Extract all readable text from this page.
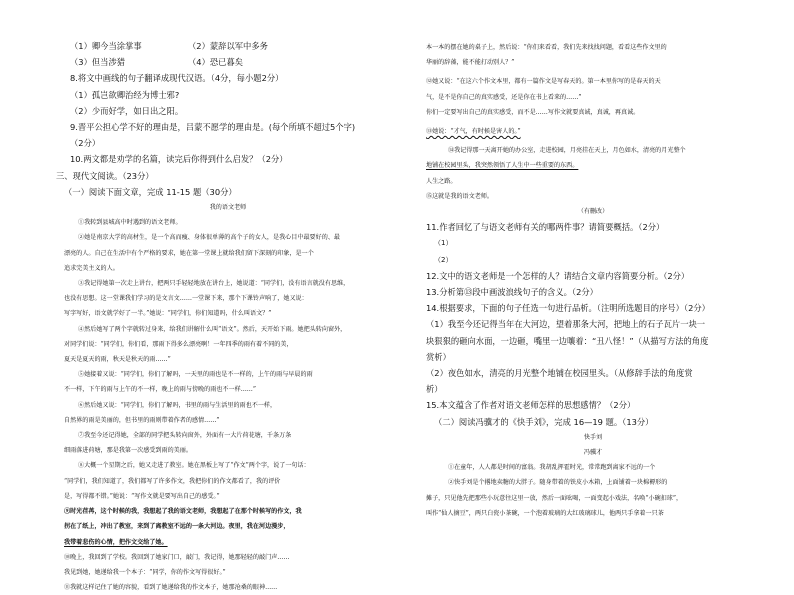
（1）卿今当涂掌事	（2）蒙辞以军中多务
（3）但当涉猎	（4）恐已暮矣
8.将文中画线的句子翻译成现代汉语。（4分，每小题2分）
（1）孤岂欲卿治经为博士邪?
（2）少而好学，如日出之阳。
9.晋平公担心学不好的理由是，吕蒙不愿学的理由是。(每个所填不超过5个字)
（2分）
10.两文都是劝学的名篇，读完后你得到什么启发？（2分）
三、现代文阅读。（23分）
（一）阅读下面文章，完成 11-15 题（30分）
我的语文老师
①我转到县城高中时遇到的语文老师。
②她是南京大学的高材生，是一个高而瘦、身体很单薄的高个子的女人，是我心目中最要好的、最
漂亮的人。自己在生活中有个严格的要求，她在第一堂课上就给我们留下深刻的印象，是一个
追求完美主义的人。
③我记得她第一次走上讲台，把两只手轻轻地放在讲台上，她说道：“同学们，没有语言就没有思维，
也没有思想。这一堂课我们学习的是文言文……一堂课下来，那个下课铃声响了，她又说：
写字写好，语文就学好了一半。”她说：“同学们，你们知道吗，什么叫语文？”
④然后她写了两个字就转过身来，给我们讲解什么叫“语文”。然后，天开始下雨。她把头转向窗外，
对同学们说：“同学们，你们看，那雨下得多么漂亮啊！一年四季的雨有着不同的美，
夏天是夏天的雨，秋天是秋天的雨……”
⑤她接着又说：“同学们，你们了解吗，一天里的雨也是不一样的，上午的雨与早晨的雨
不一样，下午的雨与上午的不一样，晚上的雨与傍晚的雨也不一样……”
⑥然后她又说：“同学们，你们了解吗，书里的雨与生活里的雨也不一样，
自然界的雨是美丽的，但书里的雨则带着作者的感情……”
⑦我至今还记得她，全部的同学把头转向窗外，外面有一大片荷花塘，千条万条
细雨落进荷塘，那是我第一次感受到雨的美丽。
⑧大概一个星期之后，她又走进了教室。她在黑板上写了“作文”两个字，说了一句话：
“同学们，我们知道了，我们都写了许多作文，我把你们的作文都看了，我的评价
是，写得都不错。”她说：“写作文就是要写出自己的感受。”
⑨时光荏苒，这个时候的我，我想起了我的语文老师，我想起了在那个时候写的作文，我
拐在了纸上，冲出了教室，来到了离教室不远的一条大河边。夜里，我在河边漫步，
我带着悲伤的心情，把作文交给了她。
⑩晚上，我回到了学校。我回到了她家门口，敲门，我记得，她那轻轻的敲门声……
我见到她，她递给我一个本子：“同学，你的作文写得很好。”
⑪我就这样记住了她的容貌，看到了她递给我的作文本子，她那沧桑的眼神……
本一本的摆在她的桌子上，然后说：“你们来看看，我们先来找找问题，看看这些作文里的
华丽的辞藻，能不能打动别人？”
⑫她又说：“在这六个作文本里，都有一篇作文是写春天的。第一本里你写的是春天的天
气，是不是你自己的真实感受，还是你在书上看来的……”
你们一定要写出自己的真实感受，而不是……写作文就要真诚，真诚，再真诚。
⑬她说：“才气，有时候是害人的。”
⑭我记得那一天离开她的办公室，走进校园，月亮挂在天上，月色如水，清亮的月光整个
地铺在校园里头，我突然领悟了人生中一些重要的东西。
人生之路。
⑮这就是我的语文老师。
（有删改）
11.作者回忆了与语文老师有关的哪两件事？请简要概括。（2分）
（1）
（2）
12.文中的语文老师是一个怎样的人？请结合文章内容简要分析。（2分）
13.分析第⑬段中画波浪线句子的含义。（2分）
14.根据要求，下面的句子任选一句进行品析。（注明所选题目的序号）（2分）
（1）我至今还记得当年在大河边，望着那条大河，把地上的石子瓦片一块一
块狠狠的砸向水面，一边砸，嘴里一边嚷着：“丑八怪！”（从描写方法的角度
赏析）
（2）夜色如水，清亮的月光整个地铺在校园里头。（从修辞手法的角度赏
析）
15.本文蕴含了作者对语文老师怎样的思想感情？（2分）
（二）阅读冯骥才的《快手刘》，完成 16—19 题。（13分）
快手刘
冯骥才
①在童年，人人都是时间的富翁。我胡乱挥霍时光，常常跑到离家不远的一个
②快手刘是个撂地卖糖的大胖子。随身带着的铁皮小木箱，上面铺着一块棉褥形的
摊子，只见他先把那些小玩意往这里一放，然后一面吆喝，一面变起小戏法，名唤“小碗扣球”，
叫作“仙人摘豆”，两只白瓷小茶碗，一个泡着玻璃的大红玻璃球儿，他两只手拿着一只茶
